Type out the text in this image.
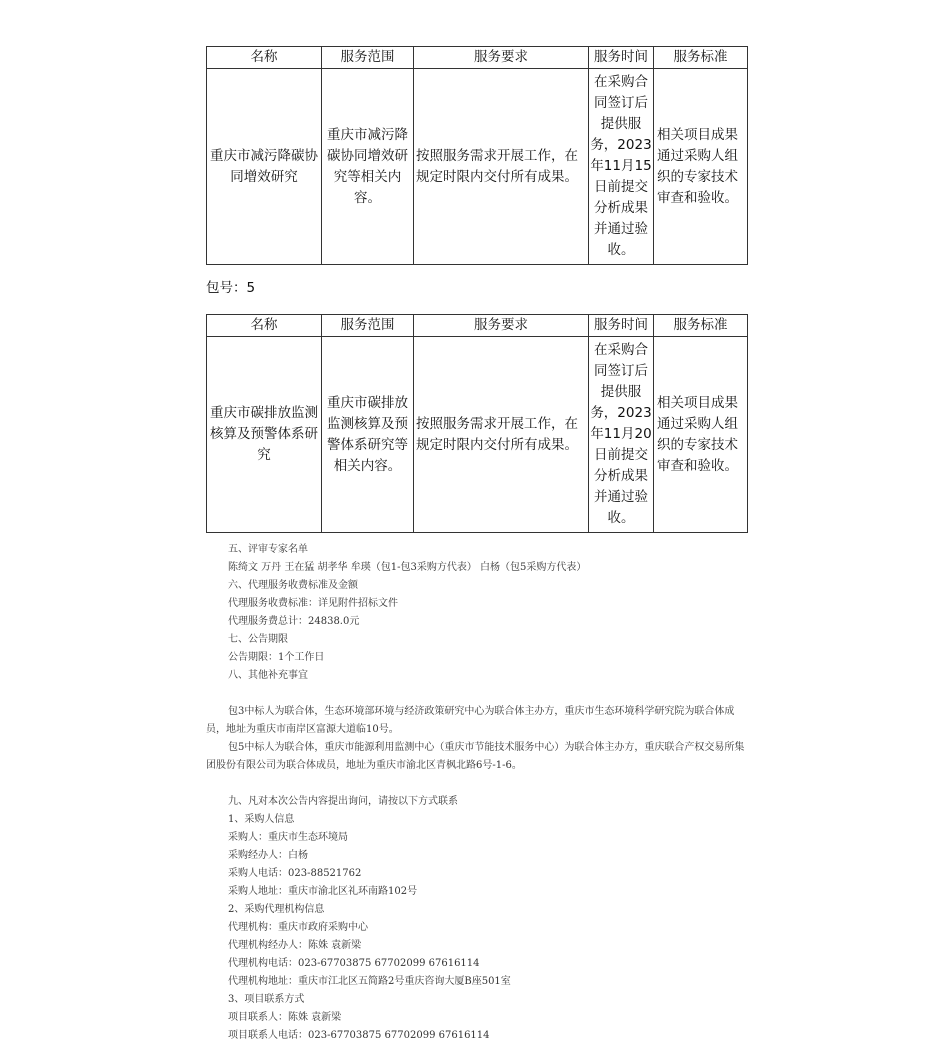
名称	服务范围	服务要求	服务时间	服务标准
重庆市减污降碳协同增效研究	重庆市减污降碳协同增效研究等相关内容。	按照服务需求开展工作，在规定时限内交付所有成果。	在采购合同签订后提供服务，2023年11月15日前提交分析成果并通过验收。	相关项目成果通过采购人组织的专家技术审查和验收。
包号：5
名称	服务范围	服务要求	服务时间	服务标准
重庆市碳排放监测核算及预警体系研究	重庆市碳排放监测核算及预警体系研究等相关内容。	按照服务需求开展工作，在规定时限内交付所有成果。	在采购合同签订后提供服务，2023年11月20日前提交分析成果并通过验收。	相关项目成果通过采购人组织的专家技术审查和验收。
五、评审专家名单
陈绮文 万丹 王在猛 胡孝华 牟瑛（包1-包3采购方代表） 白杨（包5采购方代表）
六、代理服务收费标准及金额
代理服务收费标准：详见附件招标文件
代理服务费总计：24838.0元
七、公告期限
公告期限：1个工作日
八、其他补充事宜
包3中标人为联合体，生态环境部环境与经济政策研究中心为联合体主办方，重庆市生态环境科学研究院为联合体成员，地址为重庆市南岸区富源大道临10号。
包5中标人为联合体，重庆市能源利用监测中心（重庆市节能技术服务中心）为联合体主办方，重庆联合产权交易所集团股份有限公司为联合体成员，地址为重庆市渝北区青枫北路6号-1-6。
九、凡对本次公告内容提出询问，请按以下方式联系
1、采购人信息
采购人：重庆市生态环境局
采购经办人：白杨
采购人电话：023-88521762
采购人地址：重庆市渝北区礼环南路102号
2、采购代理机构信息
代理机构：重庆市政府采购中心
代理机构经办人：陈姝 袁新梁
代理机构电话：023-67703875 67702099 67616114
代理机构地址：重庆市江北区五简路2号重庆咨询大厦B座501室
3、项目联系方式
项目联系人：陈姝 袁新梁
项目联系人电话：023-67703875 67702099 67616114
